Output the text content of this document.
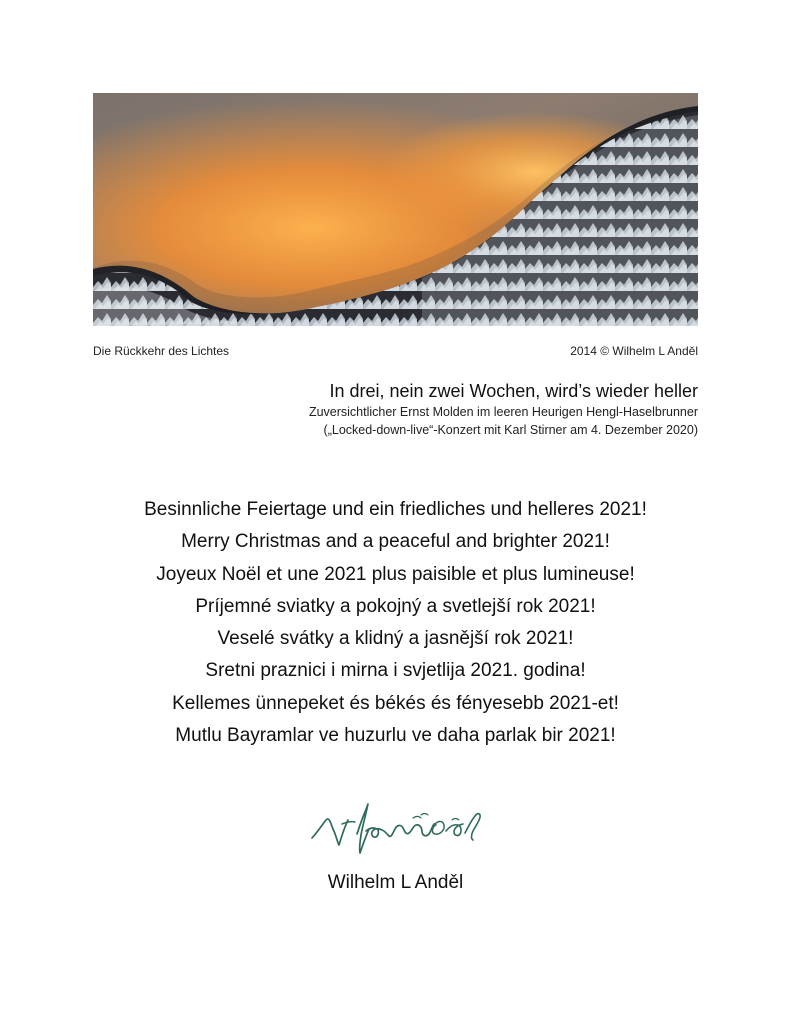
Die Rückkehr des Lichtes	2014 © Wilhelm L Anděl
In drei, nein zwei Wochen, wird’s wieder heller
Zuversichtlicher Ernst Molden im leeren Heurigen Hengl-Haselbrunner
(„Locked-down-live“-Konzert mit Karl Stirner am 4. Dezember 2020)
Besinnliche Feiertage und ein friedliches und helleres 2021!
Merry Christmas and a peaceful and brighter 2021!
Joyeux Noël et une 2021 plus paisible et plus lumineuse!
Príjemné sviatky a pokojný a svetlejší rok 2021!
Veselé svátky a klidný a jasnější rok 2021!
Sretni praznici i mirna i svjetlija 2021. godina!
Kellemes ünnepeket és békés és fényesebb 2021-et!
Mutlu Bayramlar ve huzurlu ve daha parlak bir 2021!
Wilhelm L Anděl
